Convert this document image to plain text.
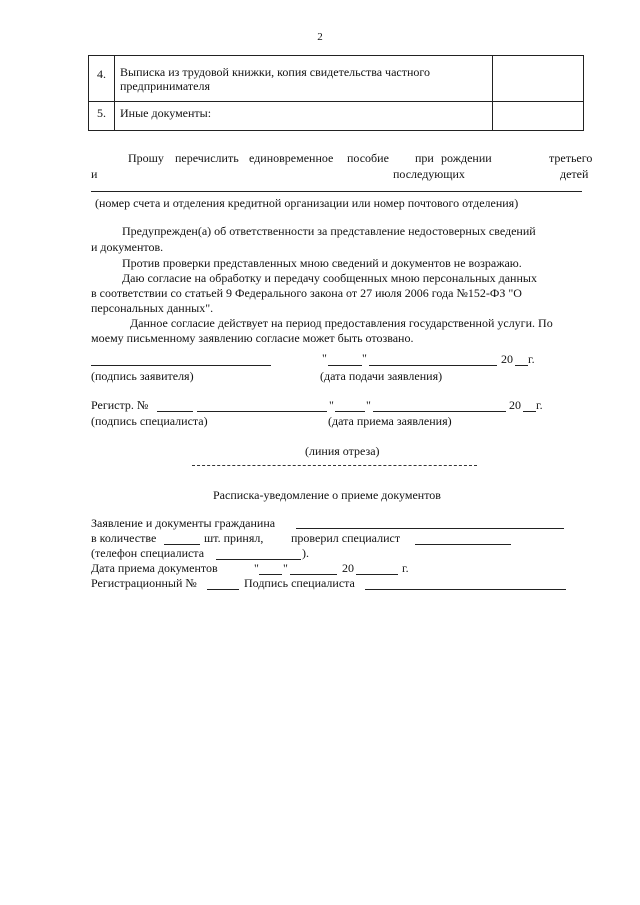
2
4.	Выписка из трудовой книжки, копия свидетельства частного
предпринимателя	

5.	Иные документы:	

Прошу перечислить единовременное пособие при рождении	третьего
и	последующих	детей
(номер счета и отделения кредитной организации или номер почтового отделения)
Предупрежден(а) об ответственности за представление недостоверных сведений
и документов.
Против проверки представленных мною сведений и документов не возражаю.
Даю согласие на обработку и передачу сообщенных мною персональных данных
в соответствии со статьей 9 Федерального закона от 27 июля 2006 года №152-ФЗ "О
персональных данных".
Данное согласие действует на период предоставления государственной услуги. По
моему письменному заявлению согласие может быть отозвано.
"	"	20 г.
(подпись заявителя)	(дата подачи заявления)
Регистр. №	"	"	20 г.
(подпись специалиста)	(дата приема заявления)
(линия отреза)
Расписка-уведомление о приеме документов
Заявление и документы гражданина
в количестве	шт. принял, проверил специалист
(телефон специалиста	).
Дата приема документов	" "	20	г.
Регистрационный №	Подпись специалиста
